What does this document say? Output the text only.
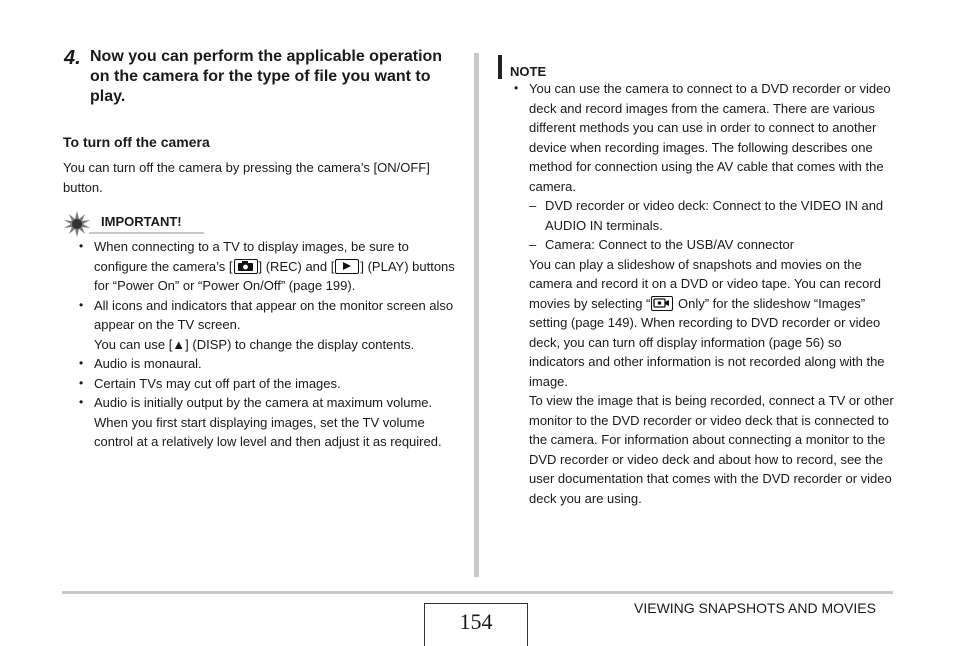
4. Now you can perform the applicable operation on the camera for the type of file you want to play.
To turn off the camera
You can turn off the camera by pressing the camera’s [ON/OFF] button.
IMPORTANT!
• When connecting to a TV to display images, be sure to configure the camera’s [ ] (REC) and [ ] (PLAY) buttons for “Power On” or “Power On/Off” (page 199).
• All icons and indicators that appear on the monitor screen also appear on the TV screen.
You can use [▲] (DISP) to change the display contents.
• Audio is monaural.
• Certain TVs may cut off part of the images.
• Audio is initially output by the camera at maximum volume. When you first start displaying images, set the TV volume control at a relatively low level and then adjust it as required.
NOTE
• You can use the camera to connect to a DVD recorder or video deck and record images from the camera. There are various different methods you can use in order to connect to another device when recording images. The following describes one method for connection using the AV cable that comes with the camera.
– DVD recorder or video deck: Connect to the VIDEO IN and AUDIO IN terminals.
– Camera: Connect to the USB/AV connector
You can play a slideshow of snapshots and movies on the camera and record it on a DVD or video tape. You can record movies by selecting “
Only” for the slideshow “Images” setting (page 149). When recording to DVD recorder or video deck, you can turn off display information (page 56) so indicators and other information is not recorded along with the image.
To view the image that is being recorded, connect a TV or other monitor to the DVD recorder or video deck that is connected to the camera. For information about connecting a monitor to the DVD recorder or video deck and about how to record, see the user documentation that comes with the DVD recorder or video deck you are using.
154
VIEWING SNAPSHOTS AND MOVIES
